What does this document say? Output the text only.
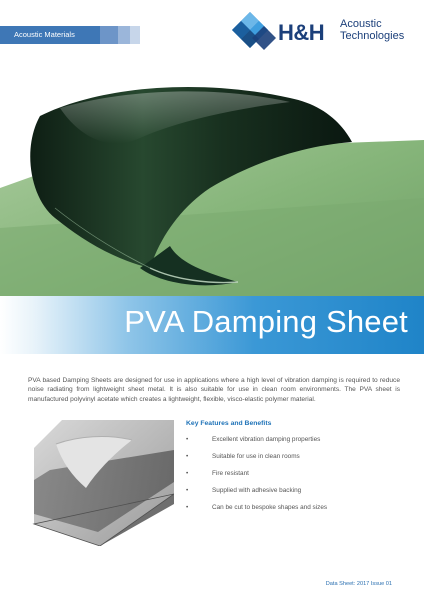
Acoustic Materials	H&H Acoustic
Technologies
PVA Damping Sheet
PVA based Damping Sheets are designed for use in applications where a high level of vibration damping is required to reduce noise radiating from lightweight sheet metal. It is also suitable for use in clean room environments. The PVA sheet is manufactured polyvinyl acetate which creates a lightweight, flexible, visco-elastic polymer material.
Key Features and Benefits
•	Excellent vibration damping properties
•	Suitable for use in clean rooms
•	Fire resistant
•	Supplied with adhesive backing
•	Can be cut to bespoke shapes and sizes
Data Sheet: 2017 Issue 01
